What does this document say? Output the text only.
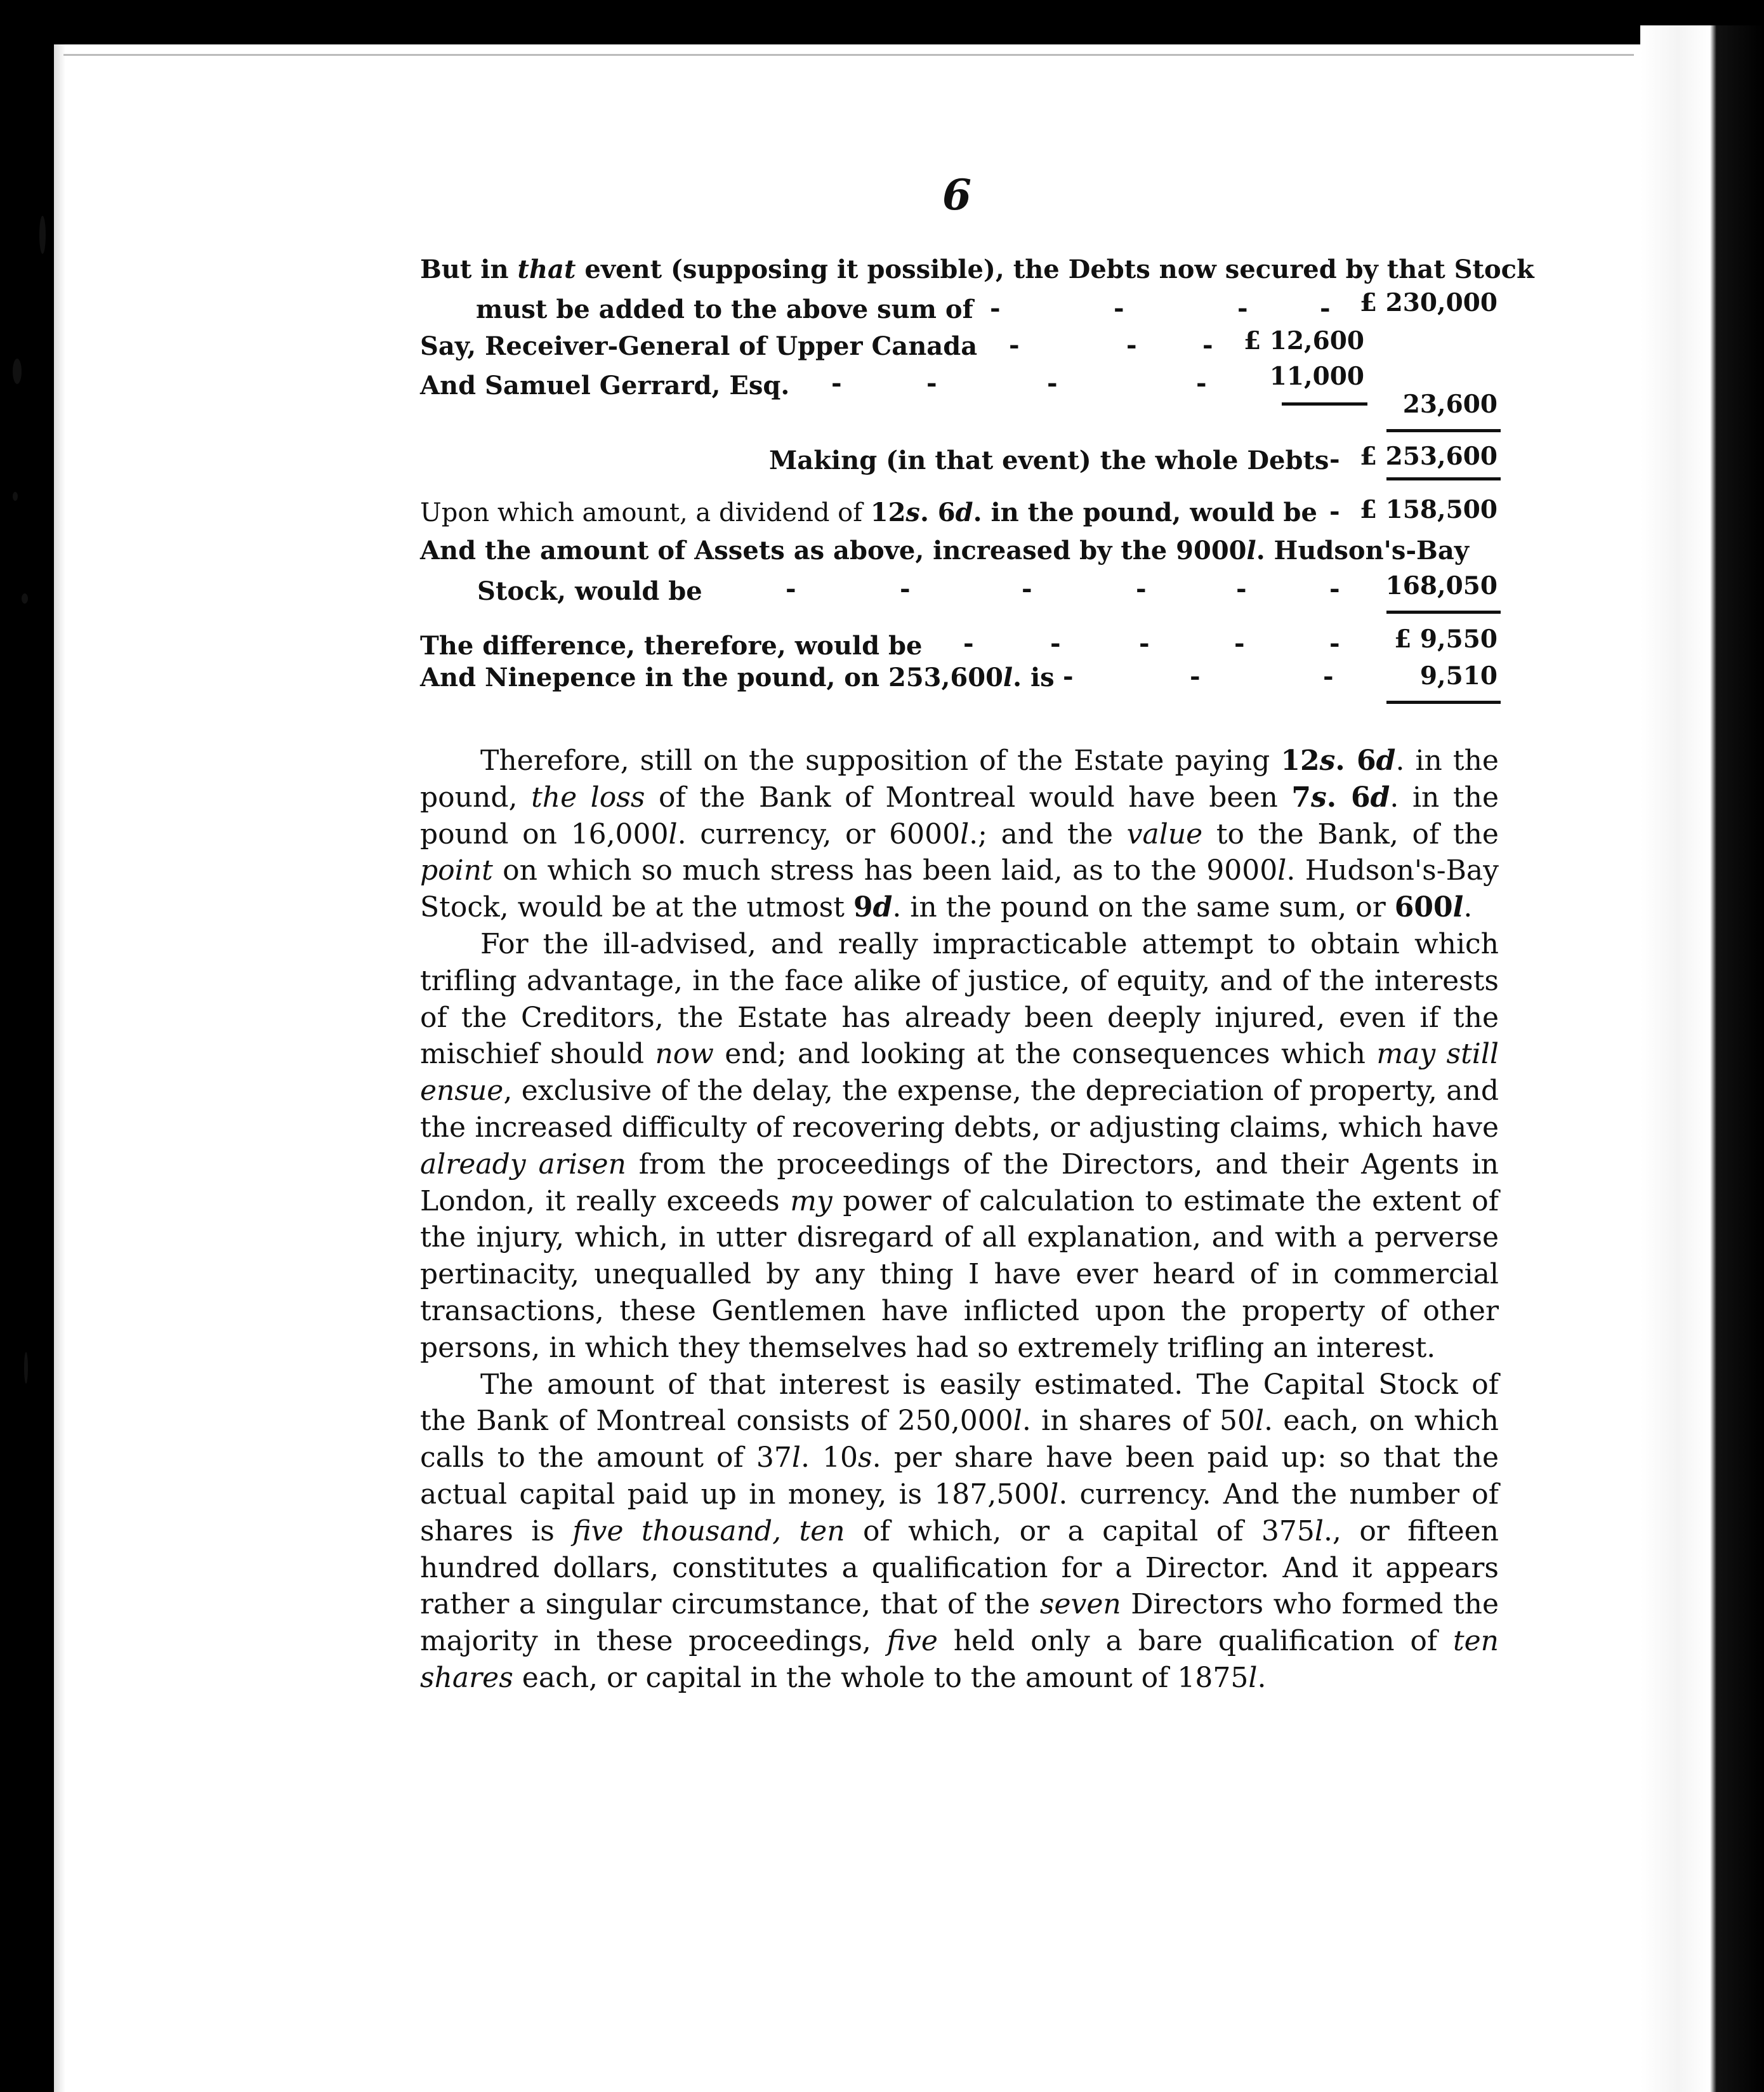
6
But in that event (supposing it possible), the Debts now secured by that Stock
must be added to the above sum of -	-	-	- £ 230,000
Say, Receiver-General of Upper Canada -	-	- £ 12,600
And Samuel Gerrard, Esq. -	-	-	-	11,000
23,600
Making (in that event) the whole Debts - £ 253,600
Upon which amount, a dividend of 12s. 6d. in the pound, would be - £ 158,500
And the amount of Assets as above, increased by the 9000l. Hudson's-Bay
Stock, would be	-	-	-	-	-	- 168,050
The difference, therefore, would be -	-	-	-	- £ 9,550
And Ninepence in the pound, on 253,600l. is -	-	-	9,510

Therefore, still on the supposition of the Estate paying 12s. 6d. in the pound, the loss of the Bank of Montreal would have been 7s. 6d. in the pound on 16,000l. currency, or 6000l.; and the value to the Bank, of the point on which so much stress has been laid, as to the 9000l. Hudson's-Bay Stock, would be at the utmost 9d. in the pound on the same sum, or 600l.

For the ill-advised, and really impracticable attempt to obtain which trifling advantage, in the face alike of justice, of equity, and of the interests of the Creditors, the Estate has already been deeply injured, even if the mischief should now end; and looking at the consequences which may still ensue, exclusive of the delay, the expense, the depreciation of property, and the increased difficulty of recovering debts, or adjusting claims, which have already arisen from the proceedings of the Directors, and their Agents in London, it really exceeds my power of calculation to estimate the extent of the injury, which, in utter disregard of all explanation, and with a perverse pertinacity, unequalled by any thing I have ever heard of in commercial transactions, these Gentlemen have inflicted upon the property of other persons, in which they themselves had so extremely trifling an interest.

The amount of that interest is easily estimated. The Capital Stock of the Bank of Montreal consists of 250,000l. in shares of 50l. each, on which calls to the amount of 37l. 10s. per share have been paid up: so that the actual capital paid up in money, is 187,500l. currency. And the number of shares is five thousand, ten of which, or a capital of 375l., or fifteen hundred dollars, constitutes a qualification for a Director. And it appears rather a singular circumstance, that of the seven Directors who formed the majority in these proceedings, five held only a bare qualification of ten shares each, or capital in the whole to the amount of 1875l.
